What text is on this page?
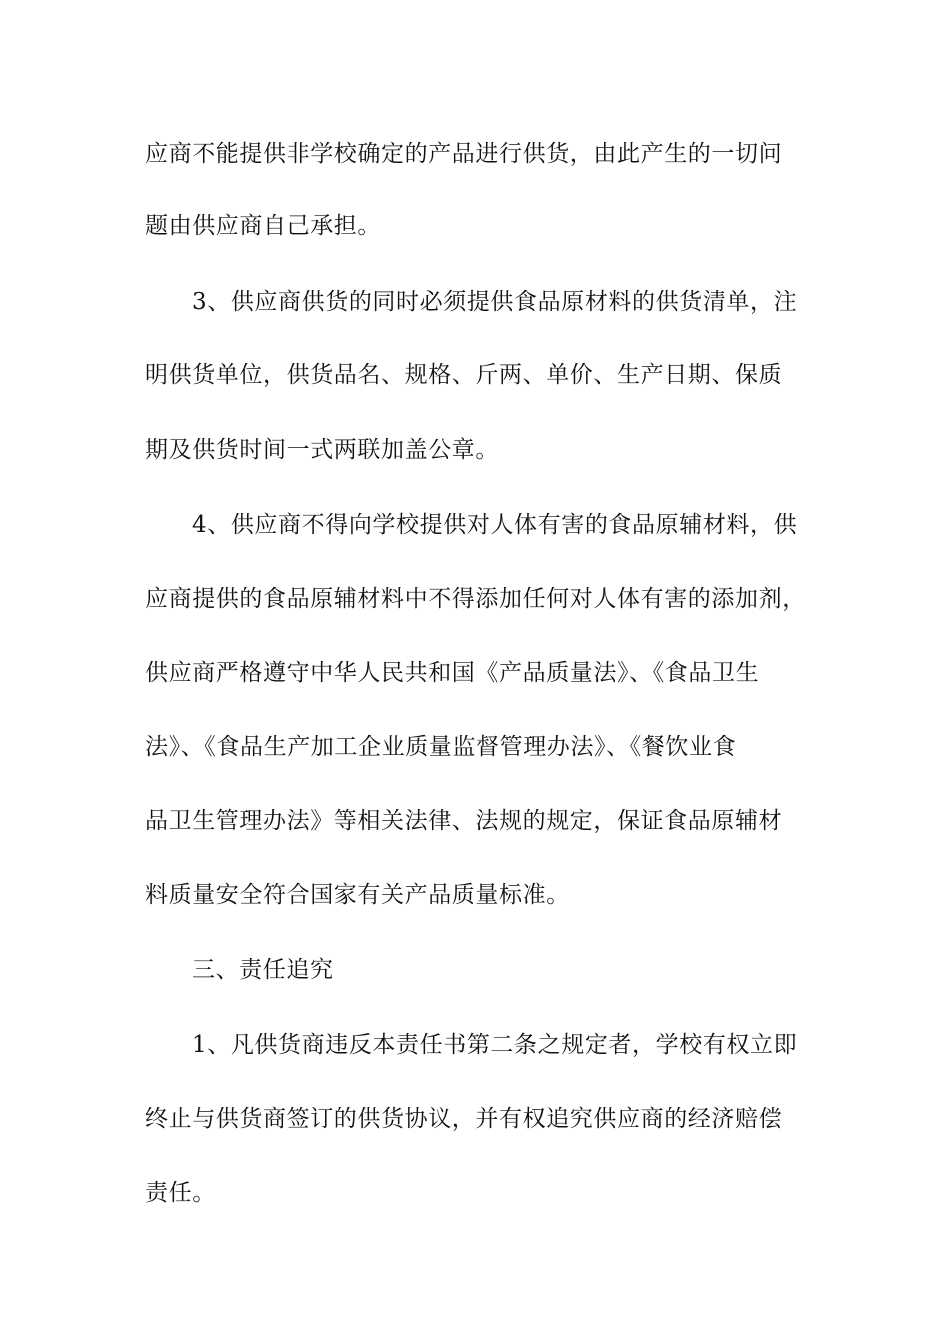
应商不能提供非学校确定的产品进行供货，由此产生的一切问
题由供应商自己承担。
3、供应商供货的同时必须提供食品原材料的供货清单，注
明供货单位，供货品名、规格、斤两、单价、生产日期、保质
期及供货时间一式两联加盖公章。
4、供应商不得向学校提供对人体有害的食品原辅材料，供
应商提供的食品原辅材料中不得添加任何对人体有害的添加剂，
供应商严格遵守中华人民共和国《产品质量法》、《食品卫生
法》、《食品生产加工企业质量监督管理办法》、《餐饮业食
品卫生管理办法》等相关法律、法规的规定，保证食品原辅材
料质量安全符合国家有关产品质量标准。
三、责任追究
1、凡供货商违反本责任书第二条之规定者，学校有权立即
终止与供货商签订的供货协议，并有权追究供应商的经济赔偿
责任。
